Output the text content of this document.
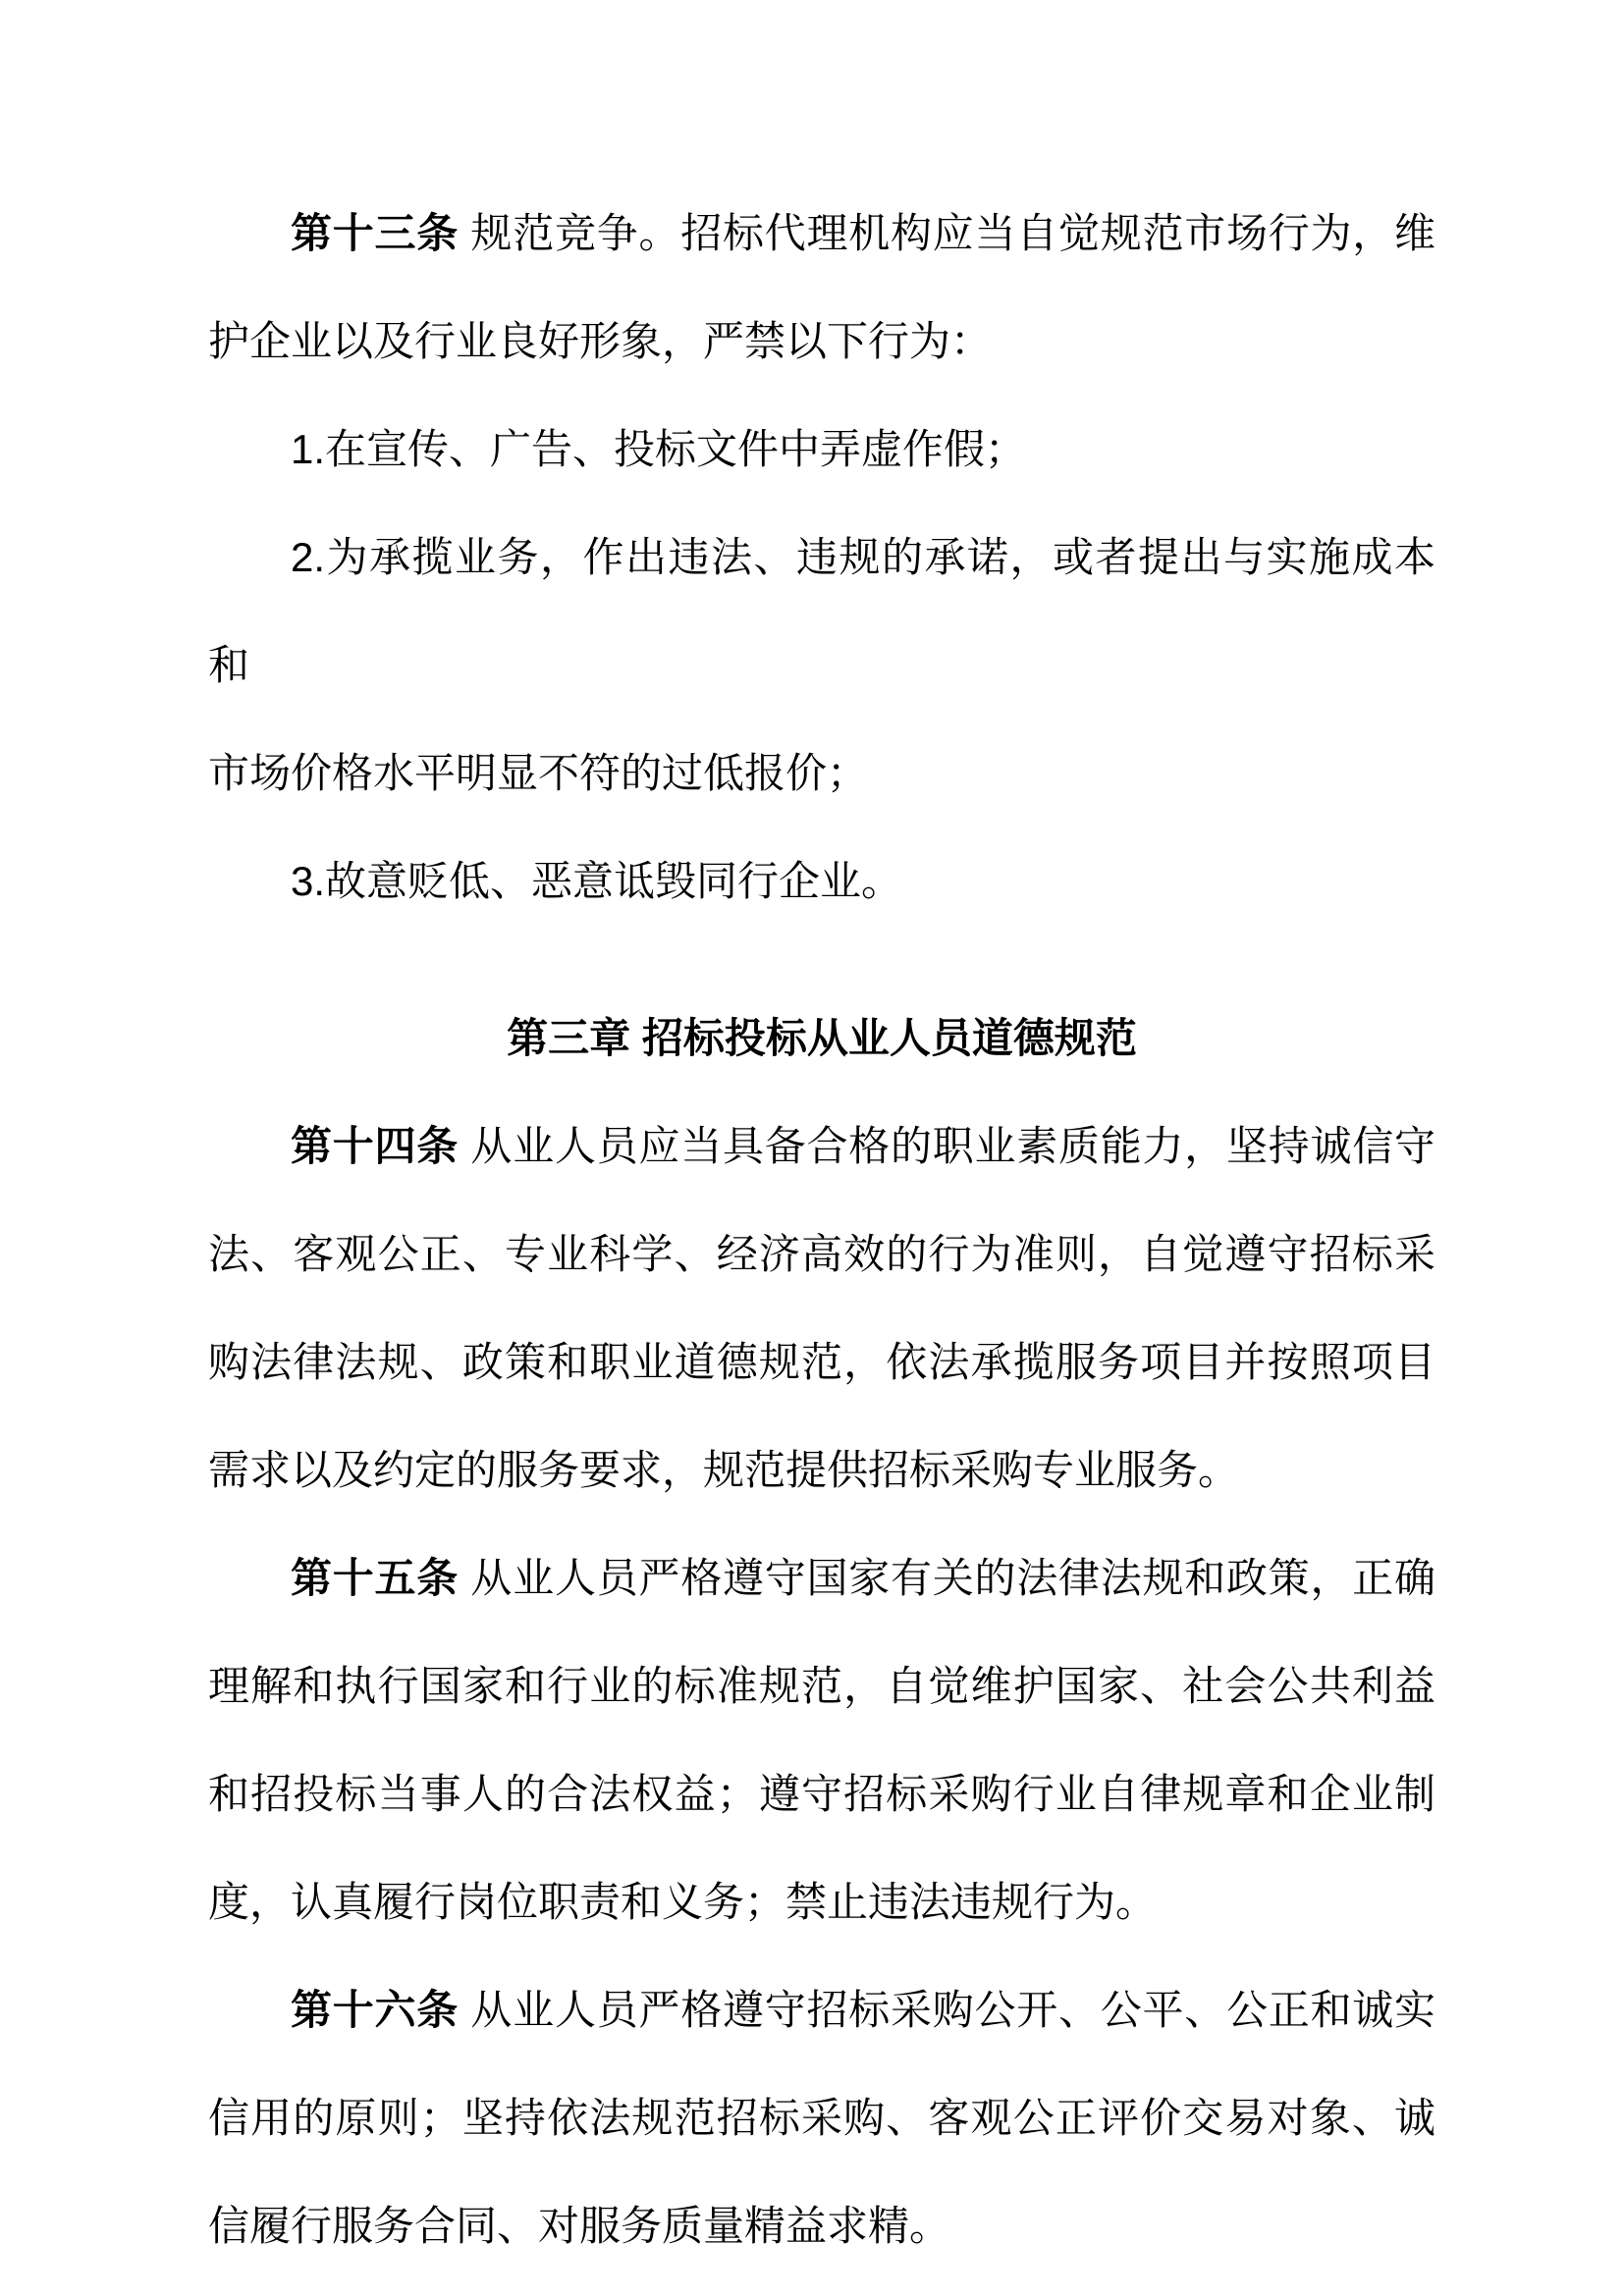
第十三条 规范竞争。招标代理机构应当自觉规范市场行为，维
护企业以及行业良好形象，严禁以下行为：
1.在宣传、广告、投标文件中弄虚作假；
2.为承揽业务，作出违法、违规的承诺，或者提出与实施成本和
市场价格水平明显不符的过低报价；
3.故意贬低、恶意诋毁同行企业。
第三章 招标投标从业人员道德规范
第十四条 从业人员应当具备合格的职业素质能力，坚持诚信守
法、客观公正、专业科学、经济高效的行为准则，自觉遵守招标采
购法律法规、政策和职业道德规范，依法承揽服务项目并按照项目
需求以及约定的服务要求，规范提供招标采购专业服务。
第十五条 从业人员严格遵守国家有关的法律法规和政策，正确
理解和执行国家和行业的标准规范，自觉维护国家、社会公共利益
和招投标当事人的合法权益；遵守招标采购行业自律规章和企业制
度，认真履行岗位职责和义务；禁止违法违规行为。
第十六条 从业人员严格遵守招标采购公开、公平、公正和诚实
信用的原则；坚持依法规范招标采购、客观公正评价交易对象、诚
信履行服务合同、对服务质量精益求精。
